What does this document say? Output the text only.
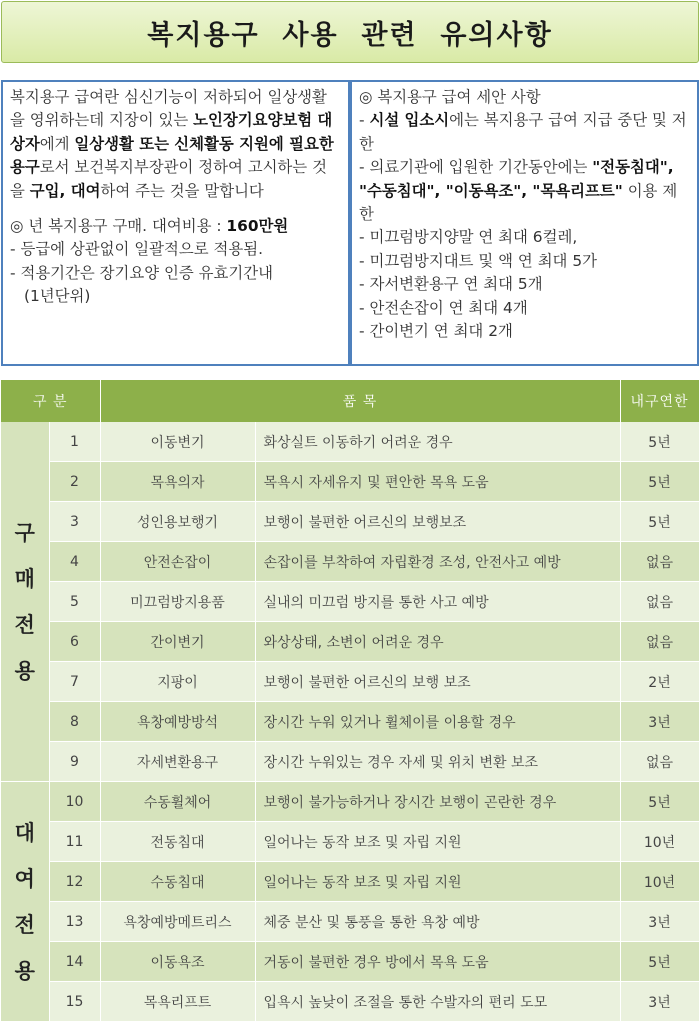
복지용구  사용  관련  유의사항

복지용구 급여란 심신기능이 저하되어 일상생활을 영위하는데 지장이 있는 노인장기요양보험 대상자에게 일상생활 또는 신체활동 지원에 필요한 용구로서 보건복지부장관이 정하여 고시하는 것을 구입, 대여하여 주는 것을 말합니다

◎ 년 복지용구 구매. 대여비용 : 160만원

- 등급에 상관없이 일괄적으로 적용됨.

- 적용기간은 장기요양 인증 유효기간내

(1년단위)

◎ 복지용구 급여 세안 사항

- 시설 입소시에는 복지용구 급여 지급 중단 및 저한

- 의료기관에 입원한 기간동안에는 "전동침대", "수동침대", "이동욕조", "목욕리프트" 이용 제한

- 미끄럼방지양말 연 최대 6컬레,

- 미끄럼방지대트 및 액 연 최대 5가

- 자서변환용구 연 최대 5개

- 안전손잡이 연 최대 4개

- 간이변기 연 최대 2개

구 분		품 목		내구연한

구
매
전
용	1	이동변기	화상실트 이동하기 어려운 경우	5년
	2	목욕의자	목욕시 자세유지 및 편안한 목욕 도움	5년
	3	성인용보행기	보행이 불편한 어르신의 보행보조	5년
	4	안전손잡이	손잡이를 부착하여 자립환경 조성, 안전사고 예방	없음
	5	미끄럼방지용품	실내의 미끄럼 방지를 통한 사고 예방	없음
	6	간이변기	와상상태, 소변이 어려운 경우	없음
	7	지팡이	보행이 불편한 어르신의 보행 보조	2년
	8	욕창예방방석	장시간 누워 있거나 휠체이를 이용할 경우	3년
	9	자세변환용구	장시간 누워있는 경우 자세 및 위치 변환 보조	없음

대
여
전
용	10	수동휠체어	보행이 불가능하거나 장시간 보행이 곤란한 경우	5년
	11	전동침대	일어나는 동작 보조 및 자립 지원	10년
	12	수동침대	일어나는 동작 보조 및 자립 지원	10년
	13	욕창예방메트리스	체중 분산 및 통풍을 통한 욕창 예방	3년
	14	이동욕조	거동이 불편한 경우 방에서 목욕 도움	5년
	15	목욕리프트	입욕시 높낮이 조절을 통한 수발자의 편리 도모	3년
